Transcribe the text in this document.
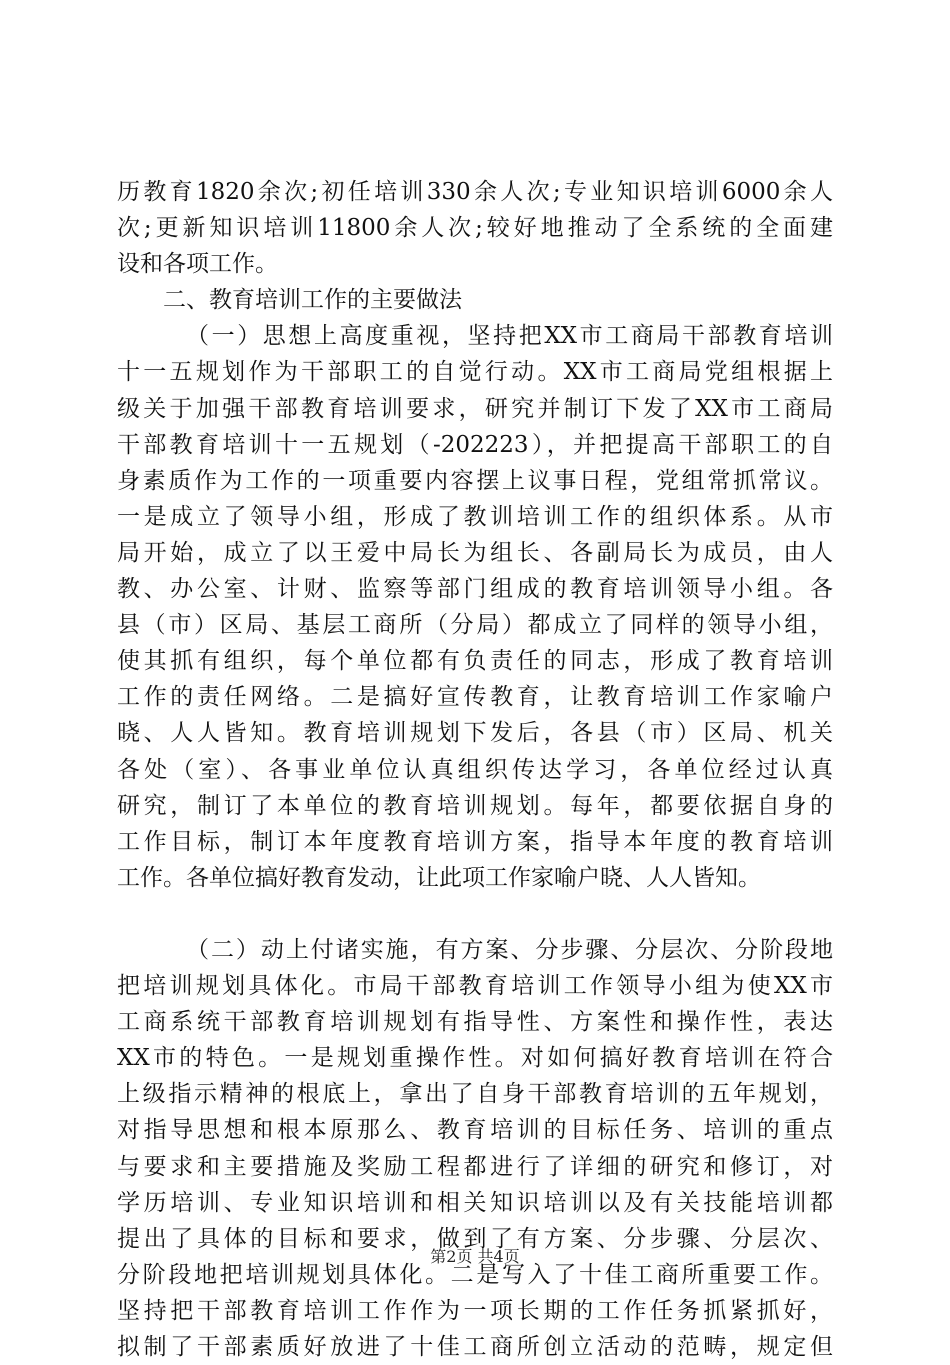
历教育1820余次;初任培训330余人次;专业知识培训6000余人
次;更新知识培训11800余人次;较好地推动了全系统的全面建
设和各项工作。
二、教育培训工作的主要做法
（一）思想上高度重视，坚持把XX市工商局干部教育培训
十一五规划作为干部职工的自觉行动。XX市工商局党组根据上
级关于加强干部教育培训要求，研究并制订下发了XX市工商局
干部教育培训十一五规划（-202223），并把提高干部职工的自
身素质作为工作的一项重要内容摆上议事日程，党组常抓常议。
一是成立了领导小组，形成了教训培训工作的组织体系。从市
局开始，成立了以王爱中局长为组长、各副局长为成员，由人
教、办公室、计财、监察等部门组成的教育培训领导小组。各
县（市）区局、基层工商所（分局）都成立了同样的领导小组，
使其抓有组织，每个单位都有负责任的同志，形成了教育培训
工作的责任网络。二是搞好宣传教育，让教育培训工作家喻户
晓、人人皆知。教育培训规划下发后，各县（市）区局、机关
各处（室）、各事业单位认真组织传达学习，各单位经过认真
研究，制订了本单位的教育培训规划。每年，都要依据自身的
工作目标，制订本年度教育培训方案，指导本年度的教育培训
工作。各单位搞好教育发动，让此项工作家喻户晓、人人皆知。
（二）动上付诸实施，有方案、分步骤、分层次、分阶段地
把培训规划具体化。市局干部教育培训工作领导小组为使XX市
工商系统干部教育培训规划有指导性、方案性和操作性，表达
XX市的特色。一是规划重操作性。对如何搞好教育培训在符合
上级指示精神的根底上，拿出了自身干部教育培训的五年规划，
对指导思想和根本原那么、教育培训的目标任务、培训的重点
与要求和主要措施及奖励工程都进行了详细的研究和修订，对
学历培训、专业知识培训和相关知识培训以及有关技能培训都
提出了具体的目标和要求，做到了有方案、分步骤、分层次、
分阶段地把培训规划具体化。二是写入了十佳工商所重要工作。
坚持把干部教育培训工作作为一项长期的工作任务抓紧抓好，
拟制了干部素质好放进了十佳工商所创立活动的范畴，规定但
第2页 共4页
